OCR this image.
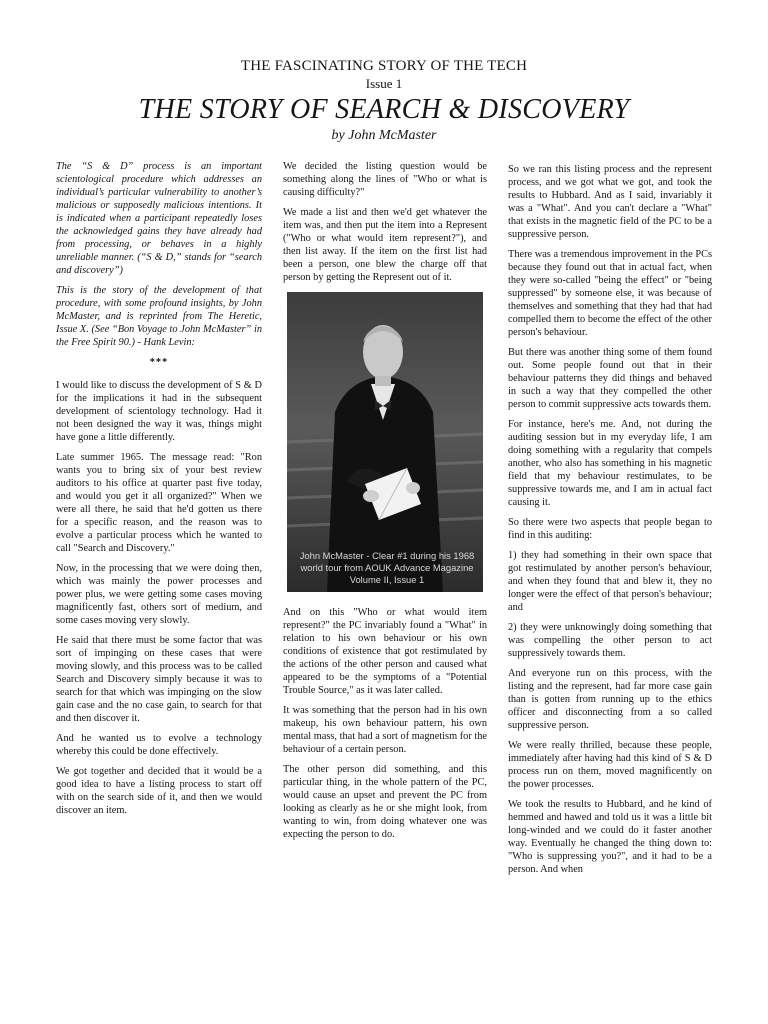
THE FASCINATING STORY OF THE TECH
Issue 1
THE STORY OF SEARCH & DISCOVERY
by John McMaster

The “S & D” process is an important scientological procedure which addresses an individual’s particular vulnerability to another’s malicious or supposedly malicious intentions. It is indicated when a participant repeatedly loses the acknowledged gains they have already had from processing, or behaves in a highly unreliable manner. (“S & D,” stands for “search and discovery”)

This is the story of the development of that procedure, with some profound insights, by John McMaster, and is reprinted from The Heretic, Issue X. (See “Bon Voyage to John McMaster” in the Free Spirit 90.) - Hank Levin:

***

I would like to discuss the development of S & D for the implications it had in the subsequent development of scientology technology. Had it not been designed the way it was, things might have gone a little differently.

Late summer 1965. The message read: "Ron wants you to bring six of your best review auditors to his office at quarter past five today, and would you get it all organized?" When we were all there, he said that he'd gotten us there for a specific reason, and the reason was to evolve a particular process which he wanted to call "Search and Discovery."

Now, in the processing that we were doing then, which was mainly the power processes and power plus, we were getting some cases moving magnificently fast, others sort of medium, and some cases moving very slowly.

He said that there must be some factor that was sort of impinging on these cases that were moving slowly, and this process was to be called Search and Discovery simply because it was to search for that which was impinging on the slow gain case and the no case gain, to search for that and then discover it.

And he wanted us to evolve a technology whereby this could be done effectively.

We got together and decided that it would be a good idea to have a listing process to start off with on the search side of it, and then we would discover an item.

We decided the listing question would be something along the lines of "Who or what is causing difficulty?"

We made a list and then we'd get whatever the item was, and then put the item into a Represent ("Who or what would item represent?"), and then list away. If the item on the first list had been a person, one blew the charge off that person by getting the Represent out of it.

John McMaster - Clear #1 during his 1968 world tour from AOUK Advance Magazine Volume II, Issue 1

And on this "Who or what would item represent?" the PC invariably found a "What" in relation to his own behaviour or his own conditions of existence that got restimulated by the actions of the other person and caused what appeared to be the symptoms of a "Potential Trouble Source," as it was later called.

It was something that the person had in his own makeup, his own behaviour pattern, his own mental mass, that had a sort of magnetism for the behaviour of a certain person.

The other person did something, and this particular thing, in the whole pattern of the PC, would cause an upset and prevent the PC from looking as clearly as he or she might look, from wanting to win, from doing whatever one was expecting the person to do.

So we ran this listing process and the represent process, and we got what we got, and took the results to Hubbard. And as I said, invariably it was a "What". And you can't declare a "What" that exists in the magnetic field of the PC to be a suppressive person.

There was a tremendous improvement in the PCs because they found out that in actual fact, when they were so-called "being the effect" or "being suppressed" by someone else, it was because of themselves and something that they had that had compelled them to become the effect of the other person's behaviour.

But there was another thing some of them found out. Some people found out that in their behaviour patterns they did things and behaved in such a way that they compelled the other person to commit suppressive acts towards them.

For instance, here's me. And, not during the auditing session but in my everyday life, I am doing something with a regularity that compels another, who also has something in his magnetic field that my behaviour restimulates, to be suppressive towards me, and I am in actual fact causing it.

So there were two aspects that people began to find in this auditing:

1) they had something in their own space that got restimulated by another person's behaviour, and when they found that and blew it, they no longer were the effect of that person's behaviour; and

2) they were unknowingly doing something that was compelling the other person to act suppressively towards them.

And everyone run on this process, with the listing and the represent, had far more case gain than is gotten from running up to the ethics officer and disconnecting from a so called suppressive person.

We were really thrilled, because these people, immediately after having had this kind of S & D process run on them, moved magnificently on the power processes.

We took the results to Hubbard, and he kind of hemmed and hawed and told us it was a little bit long-winded and we could do it faster another way. Eventually he changed the thing down to: "Who is suppressing you?", and it had to be a person. And when
